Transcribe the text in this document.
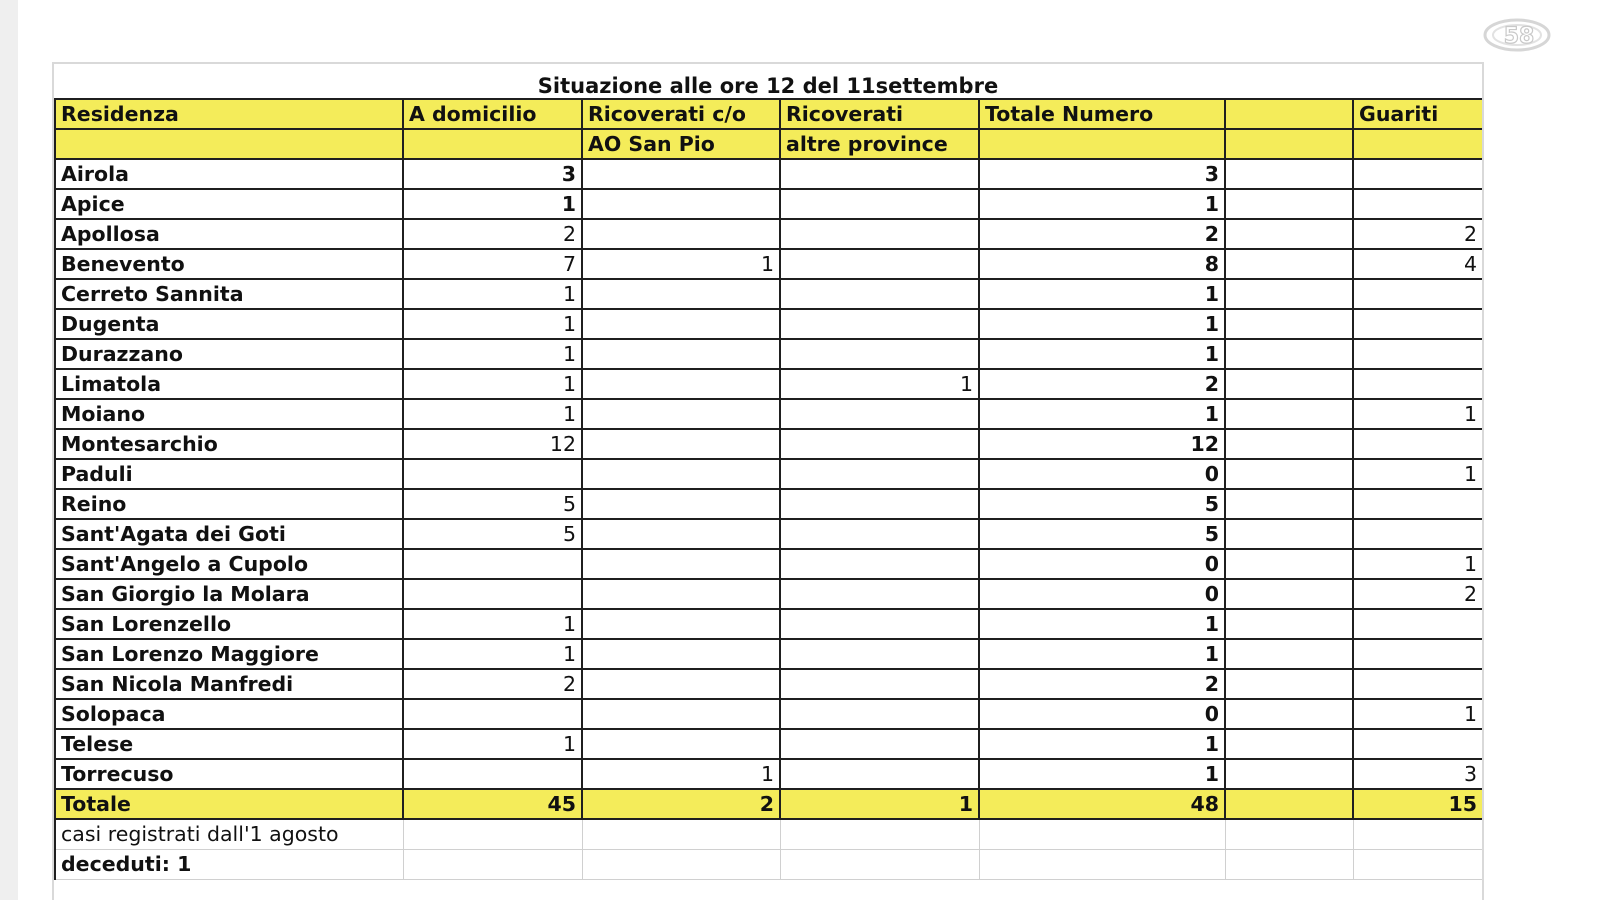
58
Situazione alle ore 12 del 11settembre
Residenza	A domicilio	Ricoverati c/o	Ricoverati	Totale Numero		Guariti
		AO San Pio	altre province			
Airola	3			3		
Apice	1			1		
Apollosa	2			2		2
Benevento	7	1		8		4
Cerreto Sannita	1			1		
Dugenta	1			1		
Durazzano	1			1		
Limatola	1		1	2		
Moiano	1			1		1
Montesarchio	12			12		
Paduli				0		1
Reino	5			5		
Sant'Agata dei Goti	5			5		
Sant'Angelo a Cupolo				0		1
San Giorgio la Molara				0		2
San Lorenzello	1			1		
San Lorenzo Maggiore	1			1		
San Nicola Manfredi	2			2		
Solopaca				0		1
Telese	1			1		
Torrecuso		1		1		3
Totale	45	2	1	48		15
casi registrati dall'1 agosto						
deceduti: 1						
